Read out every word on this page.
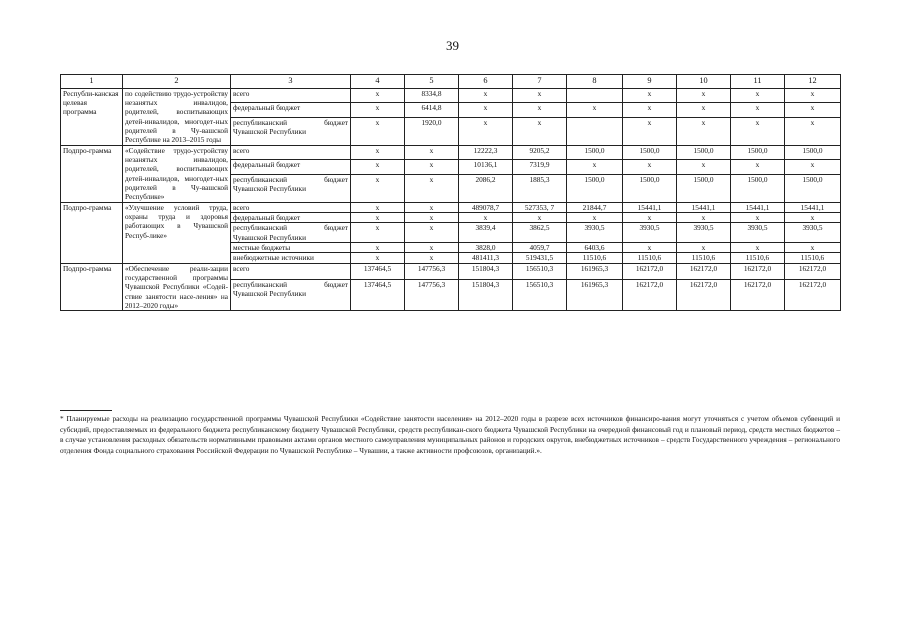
39
1	2	3	4	5	6	7	8	9	10	11	12
Республи-канская целевая программа	по содействию трудо-устройству незанятых инвалидов, родителей, воспитывающих детей-инвалидов, многодет-ных родителей в Чу-вашской Республике на 2013–2015 годы	всего	х	8334,8	х	х		х	х	х	х
		федеральный бюджет	х	6414,8	х	х	х	х	х	х	х
		республиканский бюджет Чувашской Республики	х	1920,0	х	х		х	х	х	х
Подпро-грамма	«Содействие трудо-устройству незанятых инвалидов, родителей, воспитывающих детей-инвалидов, многодет-ных родителей в Чу-вашской Республике»	всего	х	х	12222,3	9205,2	1500,0	1500,0	1500,0	1500,0	1500,0
		федеральный бюджет	х	х	10136,1	7319,9	х	х	х	х	х
		республиканский бюджет Чувашской Республики	х	х	2086,2	1885,3	1500,0	1500,0	1500,0	1500,0	1500,0
Подпро-грамма	«Улучшение условий труда, охраны труда и здоровья работающих в Чувашской Респуб-лике»	всего	х	х	489078,7	527353, 7	21844,7	15441,1	15441,1	15441,1	15441,1
		федеральный бюджет	х	х	х	х	х	х	х	х	х
		республиканский бюджет Чувашской Республики	х	х	3839,4	3862,5	3930,5	3930,5	3930,5	3930,5	3930,5
		местные бюджеты	х	х	3828,0	4059,7	6403,6	х	х	х	х
		внебюджетные источники	х	х	481411,3	519431,5	11510,6	11510,6	11510,6	11510,6	11510,6
Подпро-грамма	«Обеспечение реали-зации государственной программы Чувашской Республики «Содей-ствие занятости насе-ления» на 2012–2020 годы»	всего	137464,5	147756,3	151804,3	156510,3	161965,3	162172,0	162172,0	162172,0	162172,0
		республиканский бюджет Чувашской Республики	137464,5	147756,3	151804,3	156510,3	161965,3	162172,0	162172,0	162172,0	162172,0
* Планируемые расходы на реализацию государственной программы Чувашской Республики «Содействие занятости населения» на 2012–2020 годы в разрезе всех источников финансиро-вания могут уточняться с учетом объемов субвенций и субсидий, предоставляемых из федерального бюджета республиканскому бюджету Чувашской Республики, средств республикан-ского бюджета Чувашской Республики на очередной финансовый год и плановый период, средств местных бюджетов – в случае установления расходных обязательств нормативными правовыми актами органов местного самоуправления муниципальных районов и городских округов, внебюджетных источников – средств Государственного учреждения – регионального отделения Фонда социального страхования Российской Федерации по Чувашской Республике – Чувашии, а также активности профсоюзов, организаций.».
